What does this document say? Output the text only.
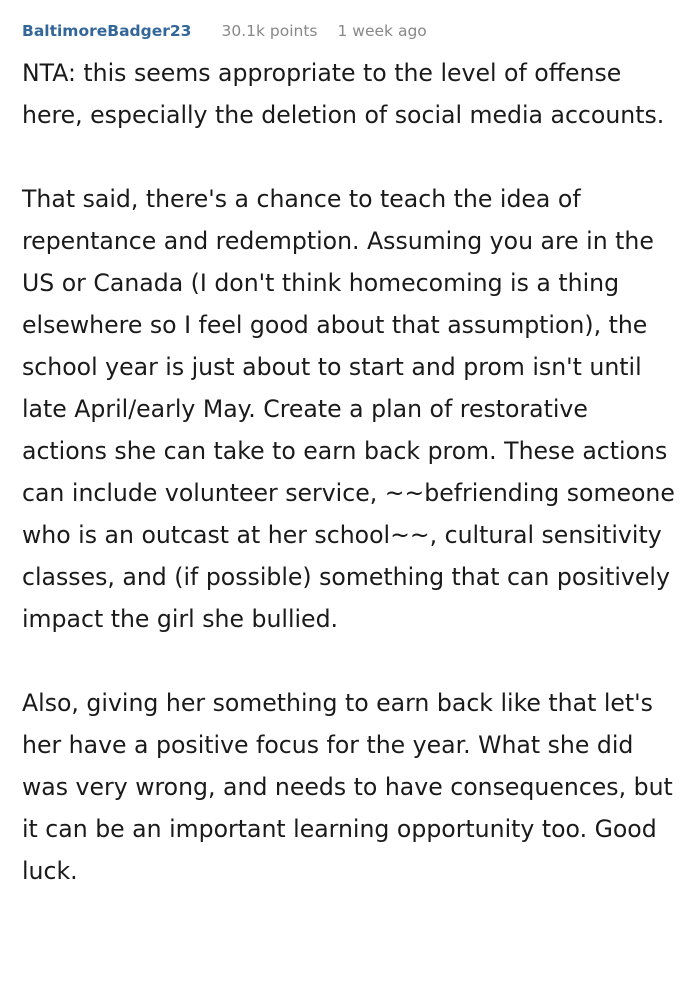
BaltimoreBadger23 30.1k points 1 week ago

NTA: this seems appropriate to the level of offense here, especially the deletion of social media accounts.

That said, there's a chance to teach the idea of repentance and redemption. Assuming you are in the US or Canada (I don't think homecoming is a thing elsewhere so I feel good about that assumption), the school year is just about to start and prom isn't until late April/early May. Create a plan of restorative actions she can take to earn back prom. These actions can include volunteer service, ~~befriending someone who is an outcast at her school~~, cultural sensitivity classes, and (if possible) something that can positively impact the girl she bullied.

Also, giving her something to earn back like that let's her have a positive focus for the year. What she did was very wrong, and needs to have consequences, but it can be an important learning opportunity too. Good luck.
